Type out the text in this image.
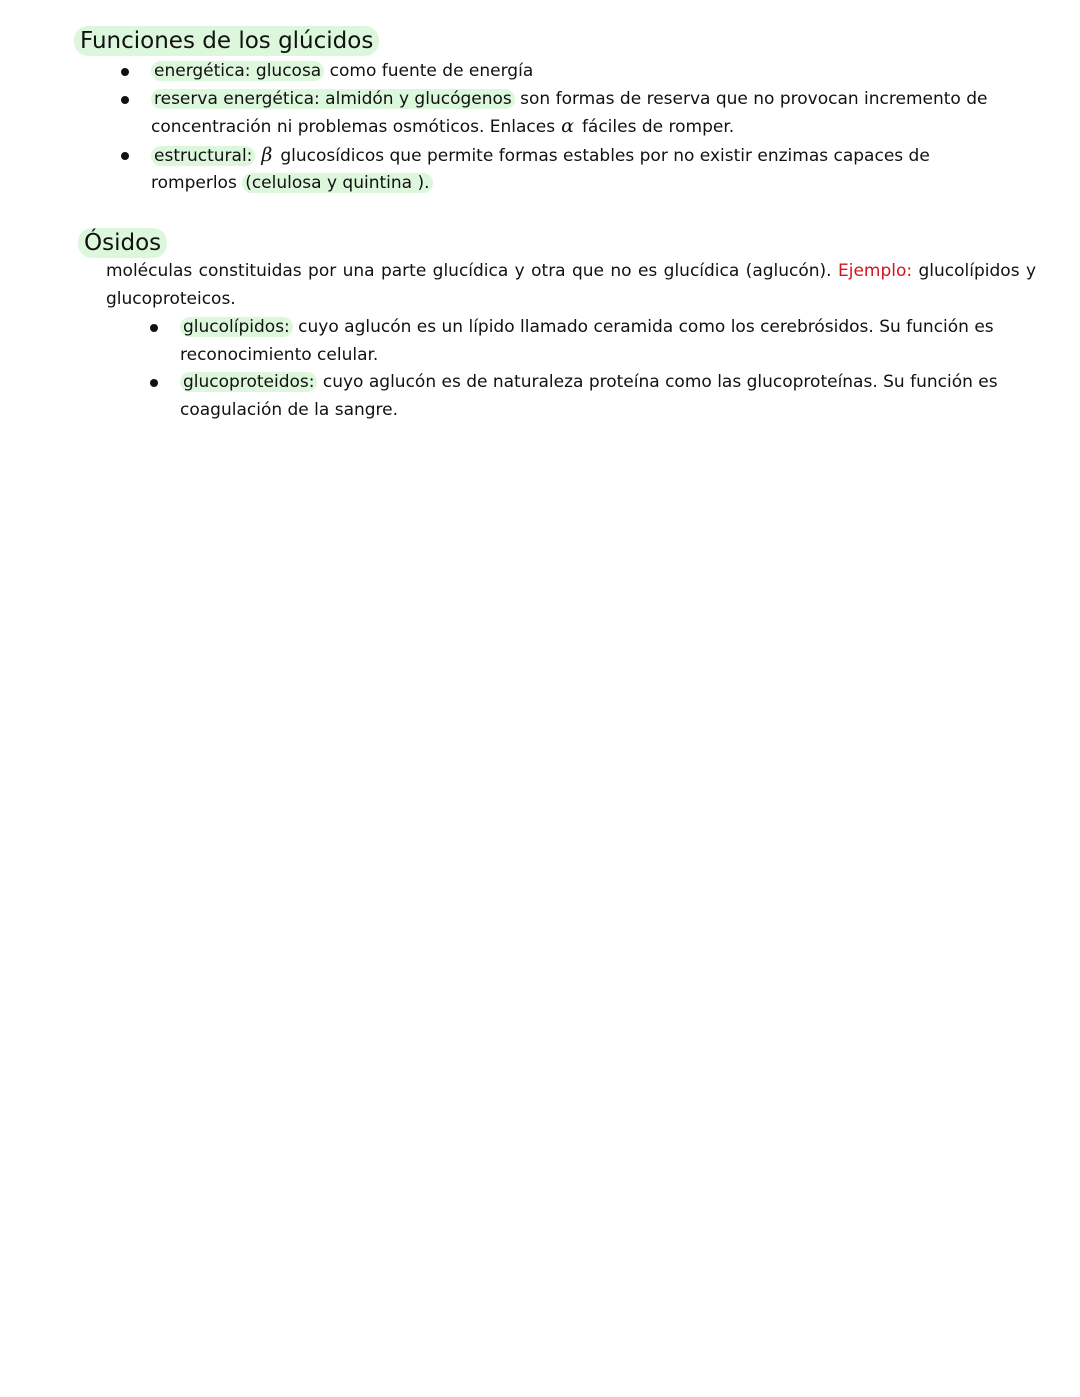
Funciones de los glúcidos
energética: glucosa como fuente de energía
reserva energética: almidón y glucógenos son formas de reserva que no provocan incremento de concentración ni problemas osmóticos. Enlaces α fáciles de romper.
estructural: β glucosídicos que permite formas estables por no existir enzimas capaces de romperlos (celulosa y quintina ).
Ósidos

moléculas constituidas por una parte glucídica y otra que no es glucídica (aglucón). Ejemplo: glucolípidos y glucoproteicos.

glucolípidos: cuyo aglucón es un lípido llamado ceramida como los cerebrósidos. Su función es reconocimiento celular.
glucoproteidos: cuyo aglucón es de naturaleza proteína como las glucoproteínas. Su función es coagulación de la sangre.
